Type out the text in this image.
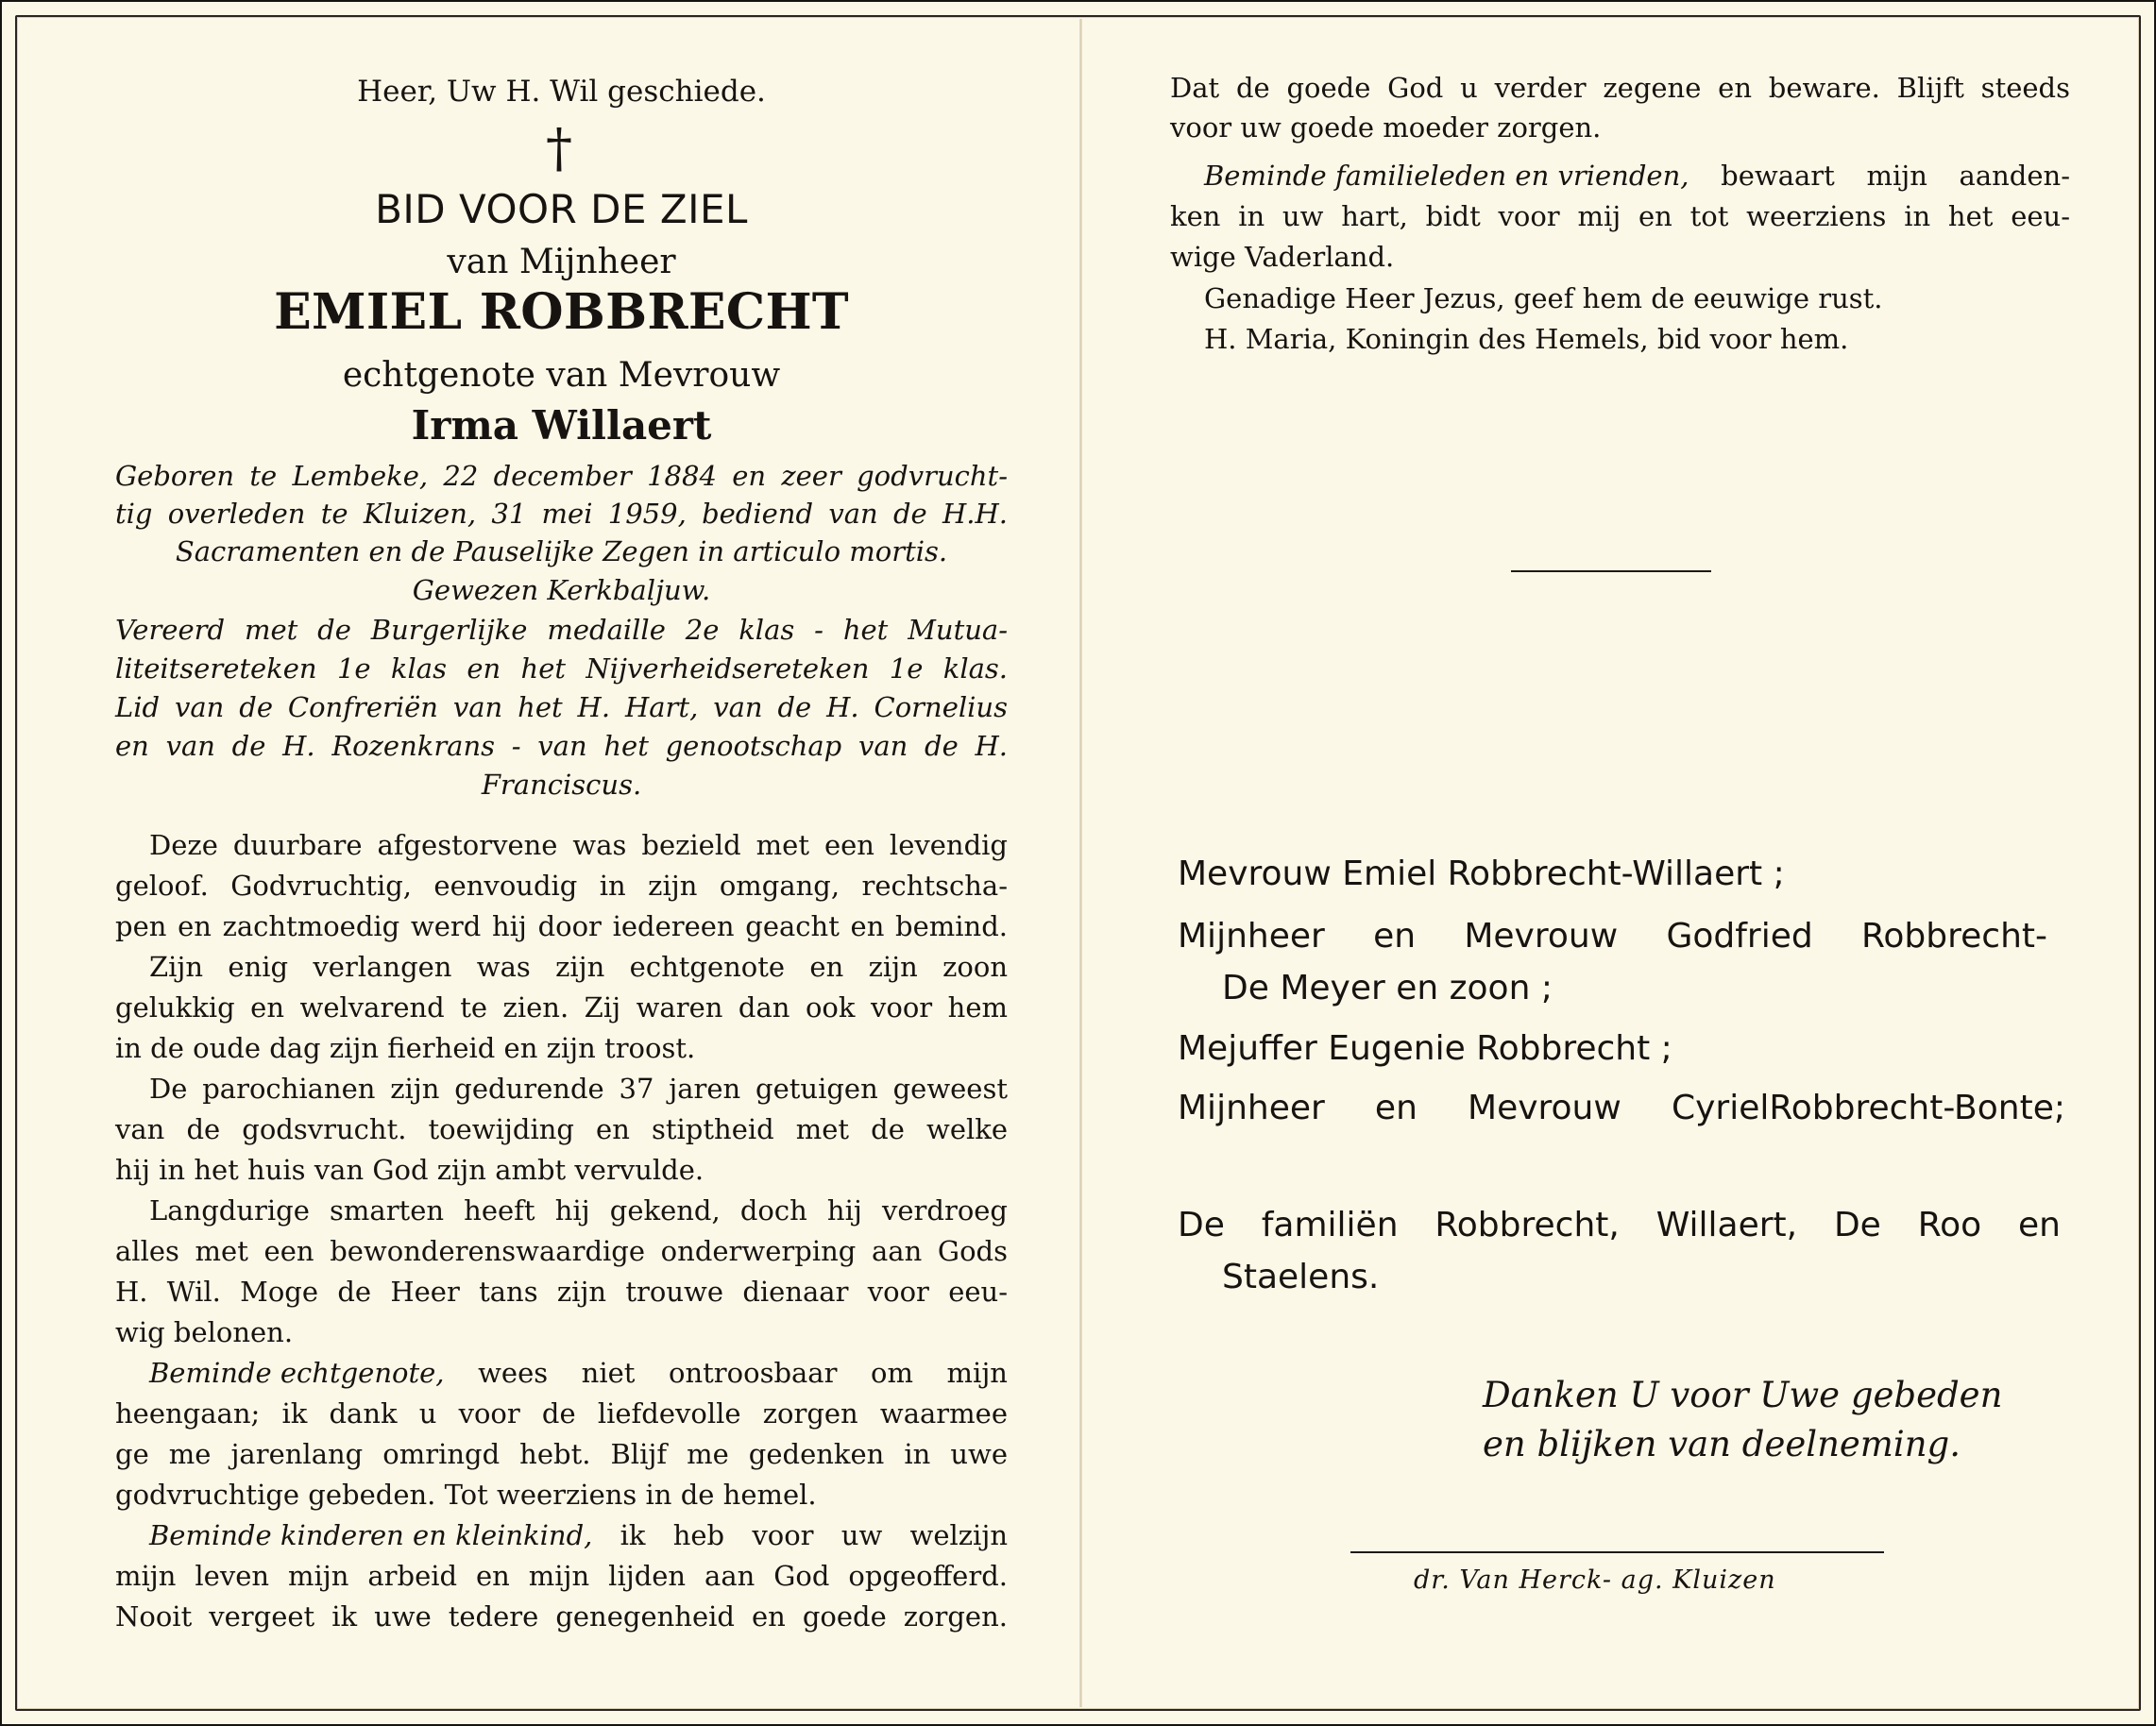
Heer, Uw H. Wil geschiede.
†
BID VOOR DE ZIEL
van Mijnheer
EMIEL ROBBRECHT
echtgenote van Mevrouw
Irma Willaert
Geboren te Lembeke, 22 december 1884 en zeer godvrucht-
tig overleden te Kluizen, 31 mei 1959, bediend van de H.H.
Sacramenten en de Pauselijke Zegen in articulo mortis.
Gewezen Kerkbaljuw.
Vereerd met de Burgerlijke medaille 2e klas - het Mutua-
liteitsereteken 1e klas en het Nijverheidsereteken 1e klas.
Lid van de Confreriën van het H. Hart, van de H. Cornelius
en van de H. Rozenkrans - van het genootschap van de H.
Franciscus.
Deze duurbare afgestorvene was bezield met een levendig
geloof. Godvruchtig, eenvoudig in zijn omgang, rechtscha-
pen en zachtmoedig werd hij door iedereen geacht en bemind.
Zijn enig verlangen was zijn echtgenote en zijn zoon
gelukkig en welvarend te zien. Zij waren dan ook voor hem
in de oude dag zijn fierheid en zijn troost.
De parochianen zijn gedurende 37 jaren getuigen geweest
van de godsvrucht. toewijding en stiptheid met de welke
hij in het huis van God zijn ambt vervulde.
Langdurige smarten heeft hij gekend, doch hij verdroeg
alles met een bewonderenswaardige onderwerping aan Gods
H. Wil. Moge de Heer tans zijn trouwe dienaar voor eeu-
wig belonen.
Beminde echtgenote, wees niet ontroosbaar om mijn
heengaan; ik dank u voor de liefdevolle zorgen waarmee
ge me jarenlang omringd hebt. Blijf me gedenken in uwe
godvruchtige gebeden. Tot weerziens in de hemel.
Beminde kinderen en kleinkind, ik heb voor uw welzijn
mijn leven mijn arbeid en mijn lijden aan God opgeofferd.
Nooit vergeet ik uwe tedere genegenheid en goede zorgen.
Dat de goede God u verder zegene en beware. Blijft steeds
voor uw goede moeder zorgen.
Beminde familieleden en vrienden, bewaart mijn aanden-
ken in uw hart, bidt voor mij en tot weerziens in het eeu-
wige Vaderland.
Genadige Heer Jezus, geef hem de eeuwige rust.
H. Maria, Koningin des Hemels, bid voor hem.
Mevrouw Emiel Robbrecht-Willaert ;
Mijnheer en Mevrouw Godfried Robbrecht-
De Meyer en zoon ;
Mejuffer Eugenie Robbrecht ;
Mijnheer en Mevrouw CyrielRobbrecht-Bonte;
De familiën Robbrecht, Willaert, De Roo en
Staelens.
Danken U voor Uwe gebeden
en blijken van deelneming.
dr. Van Herck- ag. Kluizen
